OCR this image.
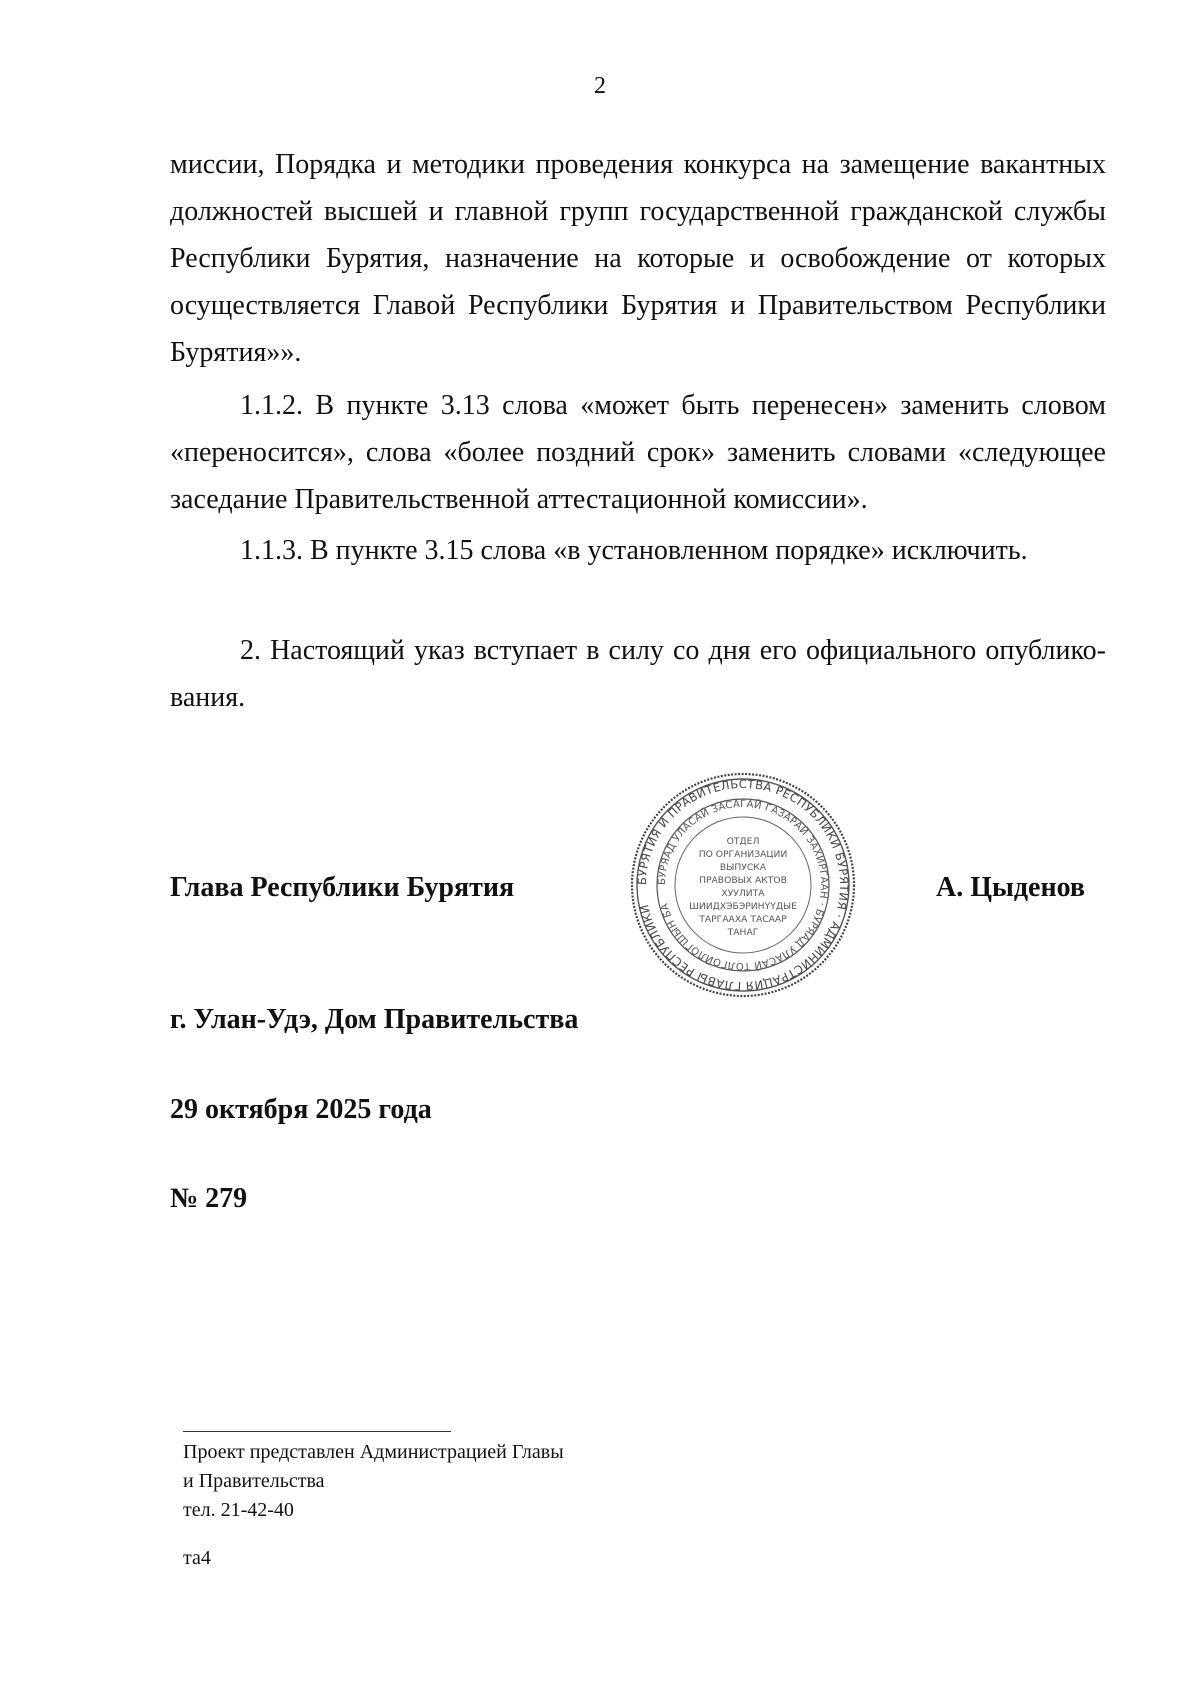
2

миссии, Порядка и методики проведения конкурса на замещение вакантных должностей высшей и главной групп государственной гражданской службы Республики Бурятия, назначение на которые и освобождение от которых осуществляется Главой Республики Бурятия и Правительством Республики Бурятия»».

1.1.2. В пункте 3.13 слова «может быть перенесен» заменить словом «переносится», слова «более поздний срок» заменить словами «следующее заседание Правительственной аттестационной комиссии».

1.1.3. В пункте 3.15 слова «в установленном порядке» исключить.

2. Настоящий указ вступает в силу со дня его официального опублико-вания.

Глава Республики Бурятия	БУРЯТИЯ И ПРАВИТЕЛЬСТВА РЕСПУБЛИКИ БУРЯТИЯ · АДМИНИСТРАЦИЯ ГЛАВЫ РЕСПУБЛИКИ
БУРЯАД УЛАСАЙ ЗАСАГАЙ ГАЗАРАЙ ЗАХИРГААН · БУРЯАД УЛАСАЙ ТОЛГОЙЛОГШЫН БА
ОТДЕЛ
ПО ОРГАНИЗАЦИИ
ВЫПУСКА
ПРАВОВЫХ АКТОВ
ХУУЛИТА
ШИИДХЭБЭРИНҮҮДЫЕ
ТАРГААХА ТАСААР
ТАНАГ
А. Цыденов
г. Улан-Удэ, Дом Правительства
29 октября 2025 года
№ 279
Проект представлен Администрацией Главы
и Правительства
тел. 21-42-40
та4
